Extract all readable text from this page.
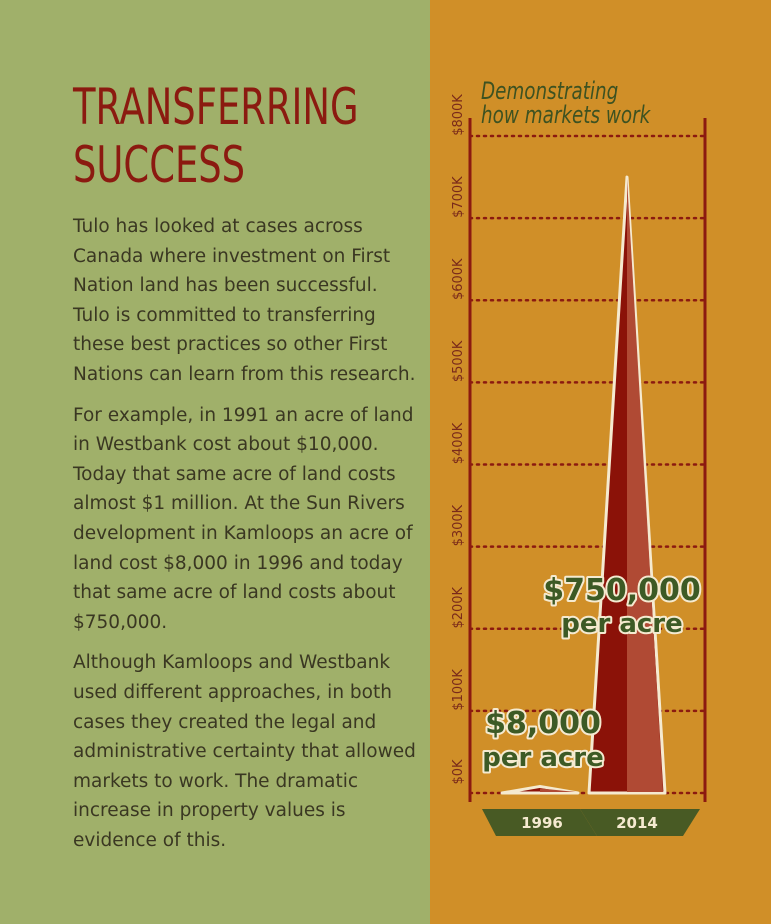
TRANSFERRING
SUCCESS

Tulo has looked at cases across Canada where investment on First Nation land has been successful. Tulo is committed to transferring these best practices so other First Nations can learn from this research.

For example, in 1991 an acre of land in Westbank cost about $10,000. Today that same acre of land costs almost $1 million. At the Sun Rivers development in Kamloops an acre of land cost $8,000 in 1996 and today that same acre of land costs about $750,000.

Although Kamloops and Westbank used different approaches, in both cases they created the legal and administrative certainty that allowed markets to work. The dramatic increase in property values is evidence of this.

Demonstrating
how markets work
$0K
$100K
$200K
$300K
$400K
$500K
$600K
$700K
$800K
1996	2014
$8,000
per acre
$750,000
per acre
